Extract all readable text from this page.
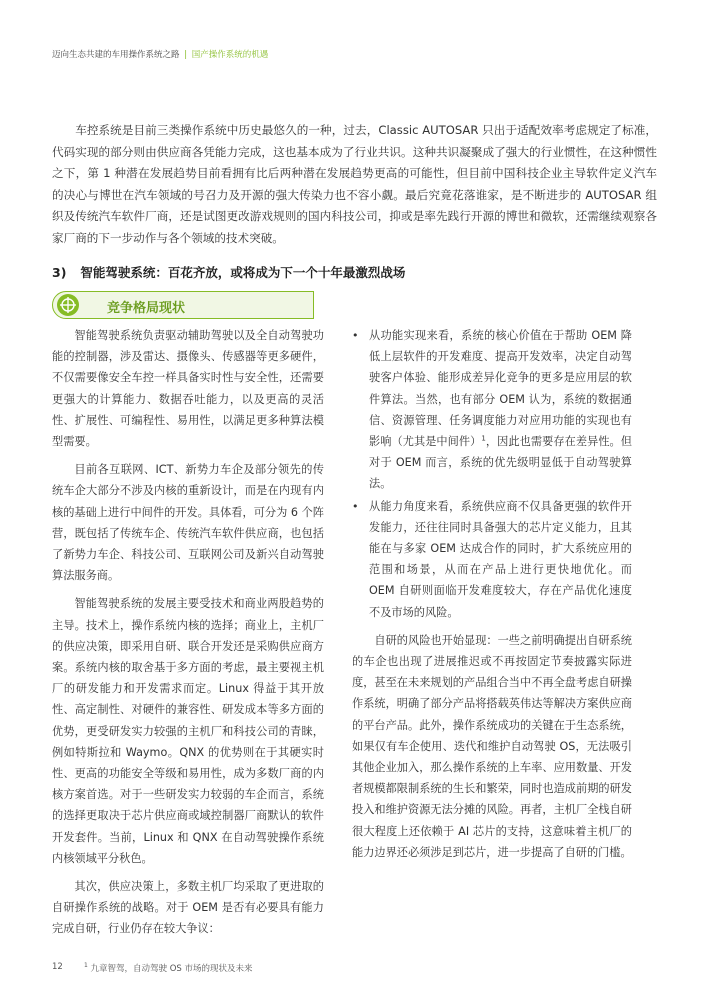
迈向生态共建的车用操作系统之路 | 国产操作系统的机遇

车控系统是目前三类操作系统中历史最悠久的一种，过去，Classic AUTOSAR 只出于适配效率考虑规定了标准，代码实现的部分则由供应商各凭能力完成，这也基本成为了行业共识。这种共识凝聚成了强大的行业惯性，在这种惯性之下，第 1 种潜在发展趋势目前看拥有比后两种潜在发展趋势更高的可能性，但目前中国科技企业主导软件定义汽车的决心与博世在汽车领域的号召力及开源的强大传染力也不容小觑。最后究竟花落谁家，是不断进步的 AUTOSAR 组织及传统汽车软件厂商，还是试图更改游戏规则的国内科技公司，抑或是率先践行开源的博世和微软，还需继续观察各家厂商的下一步动作与各个领域的技术突破。

3) 智能驾驶系统：百花齐放，或将成为下一个十年最激烈战场
竞争格局现状

智能驾驶系统负责驱动辅助驾驶以及全自动驾驶功能的控制器，涉及雷达、摄像头、传感器等更多硬件，不仅需要像安全车控一样具备实时性与安全性，还需要更强大的计算能力、数据吞吐能力，以及更高的灵活性、扩展性、可编程性、易用性，以满足更多种算法模型需要。

目前各互联网、ICT、新势力车企及部分领先的传统车企大部分不涉及内核的重新设计，而是在内现有内核的基础上进行中间件的开发。具体看，可分为 6 个阵营，既包括了传统车企、传统汽车软件供应商，也包括了新势力车企、科技公司、互联网公司及新兴自动驾驶算法服务商。

智能驾驶系统的发展主要受技术和商业两股趋势的主导。技术上，操作系统内核的选择；商业上，主机厂的供应决策，即采用自研、联合开发还是采购供应商方案。系统内核的取舍基于多方面的考虑，最主要视主机厂的研发能力和开发需求而定。Linux 得益于其开放性、高定制性、对硬件的兼容性、研发成本等多方面的优势，更受研发实力较强的主机厂和科技公司的青睐，例如特斯拉和 Waymo。QNX 的优势则在于其硬实时性、更高的功能安全等级和易用性，成为多数厂商的内核方案首选。对于一些研发实力较弱的车企而言，系统的选择更取决于芯片供应商或域控制器厂商默认的软件开发套件。当前，Linux 和 QNX 在自动驾驶操作系统内核领域平分秋色。

其次，供应决策上，多数主机厂均采取了更进取的自研操作系统的战略。对于 OEM 是否有必要具有能力完成自研，行业仍存在较大争议：

• 从功能实现来看，系统的核心价值在于帮助 OEM 降低上层软件的开发难度、提高开发效率，决定自动驾驶客户体验、能形成差异化竞争的更多是应用层的软件算法。当然，也有部分 OEM 认为，系统的数据通信、资源管理、任务调度能力对应用功能的实现也有影响（尤其是中间件）$^1$，因此也需要存在差异性。但对于 OEM 而言，系统的优先级明显低于自动驾驶算法。
• 从能力角度来看，系统供应商不仅具备更强的软件开发能力，还往往同时具备强大的芯片定义能力，且其能在与多家 OEM 达成合作的同时，扩大系统应用的范围和场景，从而在产品上进行更快地优化。而 OEM 自研则面临开发难度较大，存在产品优化速度不及市场的风险。

自研的风险也开始显现：一些之前明确提出自研系统的车企也出现了进展推迟或不再按固定节奏披露实际进度，甚至在未来规划的产品组合当中不再全盘考虑自研操作系统，明确了部分产品将搭载英伟达等解决方案供应商的平台产品。此外，操作系统成功的关键在于生态系统，如果仅有车企使用、迭代和维护自动驾驶 OS，无法吸引其他企业加入，那么操作系统的上车率、应用数量、开发者规模都限制系统的生长和繁荣，同时也造成前期的研发投入和维护资源无法分摊的风险。再者，主机厂全栈自研很大程度上还依赖于 AI 芯片的支持，这意味着主机厂的能力边界还必须涉足到芯片，进一步提高了自研的门槛。

12	$^1$ 九章智驾，自动驾驶 OS 市场的现状及未来
